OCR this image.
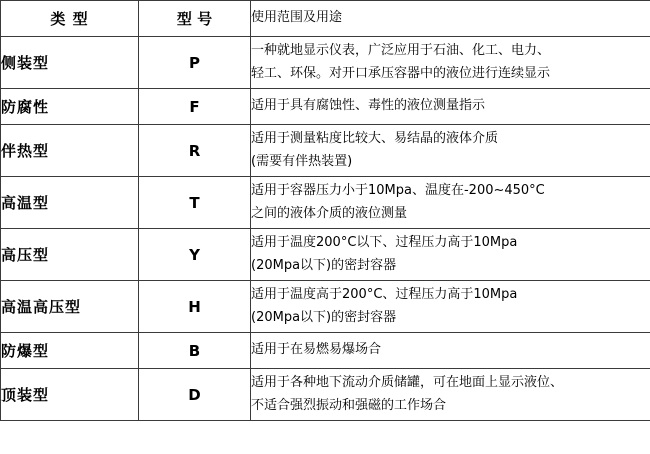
类 型	型 号	使用范围及用途
侧装型	P	一种就地显示仪表，广泛应用于石油、化工、电力、
轻工、环保。对开口承压容器中的液位进行连续显示

防腐性	F	适用于具有腐蚀性、毒性的液位测量指示

伴热型	R	适用于测量粘度比较大、易结晶的液体介质
(需要有伴热装置)

高温型	T	适用于容器压力小于10Mpa、温度在-200~450°C
之间的液体介质的液位测量

高压型	Y	适用于温度200°C以下、过程压力高于10Mpa
(20Mpa以下)的密封容器

高温高压型	H	适用于温度高于200°C、过程压力高于10Mpa
(20Mpa以下)的密封容器

防爆型	B	适用于在易燃易爆场合

顶装型	D	适用于各种地下流动介质储罐，可在地面上显示液位、
不适合强烈振动和强磁的工作场合
